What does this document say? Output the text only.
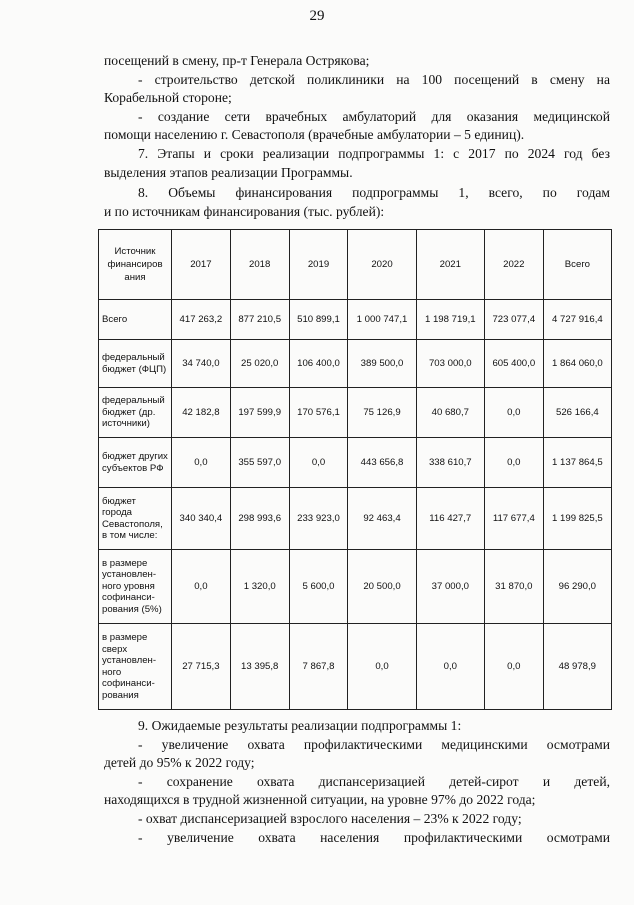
29

посещений в смену, пр-т Генерала Острякова;

- строительство детской поликлиники на 100 посещений в смену на

Корабельной стороне;

- создание сети врачебных амбулаторий для оказания медицинской

помощи населению г. Севастополя (врачебные амбулатории – 5 единиц).

7. Этапы и сроки реализации подпрограммы 1: с 2017 по 2024 год без

выделения этапов реализации Программы.

8. Объемы финансирования подпрограммы 1, всего, по годам

и по источникам финансирования (тыс. рублей):

Источник финансиров ания	2017	2018	2019	2020	2021	2022	Всего
Всего	417 263,2	877 210,5	510 899,1	1 000 747,1	1 198 719,1	723 077,4	4 727 916,4
федеральный бюджет (ФЦП)	34 740,0	25 020,0	106 400,0	389 500,0	703 000,0	605 400,0	1 864 060,0
федеральный бюджет (др. источники)	42 182,8	197 599,9	170 576,1	75 126,9	40 680,7	0,0	526 166,4
бюджет других субъектов РФ	0,0	355 597,0	0,0	443 656,8	338 610,7	0,0	1 137 864,5
бюджет города Севастополя, в том числе:	340 340,4	298 993,6	233 923,0	92 463,4	116 427,7	117 677,4	1 199 825,5
в размере установлен-ного уровня софинанси-рования (5%)	0,0	1 320,0	5 600,0	20 500,0	37 000,0	31 870,0	96 290,0
в размере сверх установлен-ного софинанси-рования	27 715,3	13 395,8	7 867,8	0,0	0,0	0,0	48 978,9

9. Ожидаемые результаты реализации подпрограммы 1:

- увеличение охвата профилактическими медицинскими осмотрами

детей до 95% к 2022 году;

- сохранение охвата диспансеризацией детей-сирот и детей,

находящихся в трудной жизненной ситуации, на уровне 97% до 2022 года;

- охват диспансеризацией взрослого населения – 23% к 2022 году;

- увеличение охвата населения профилактическими осмотрами
